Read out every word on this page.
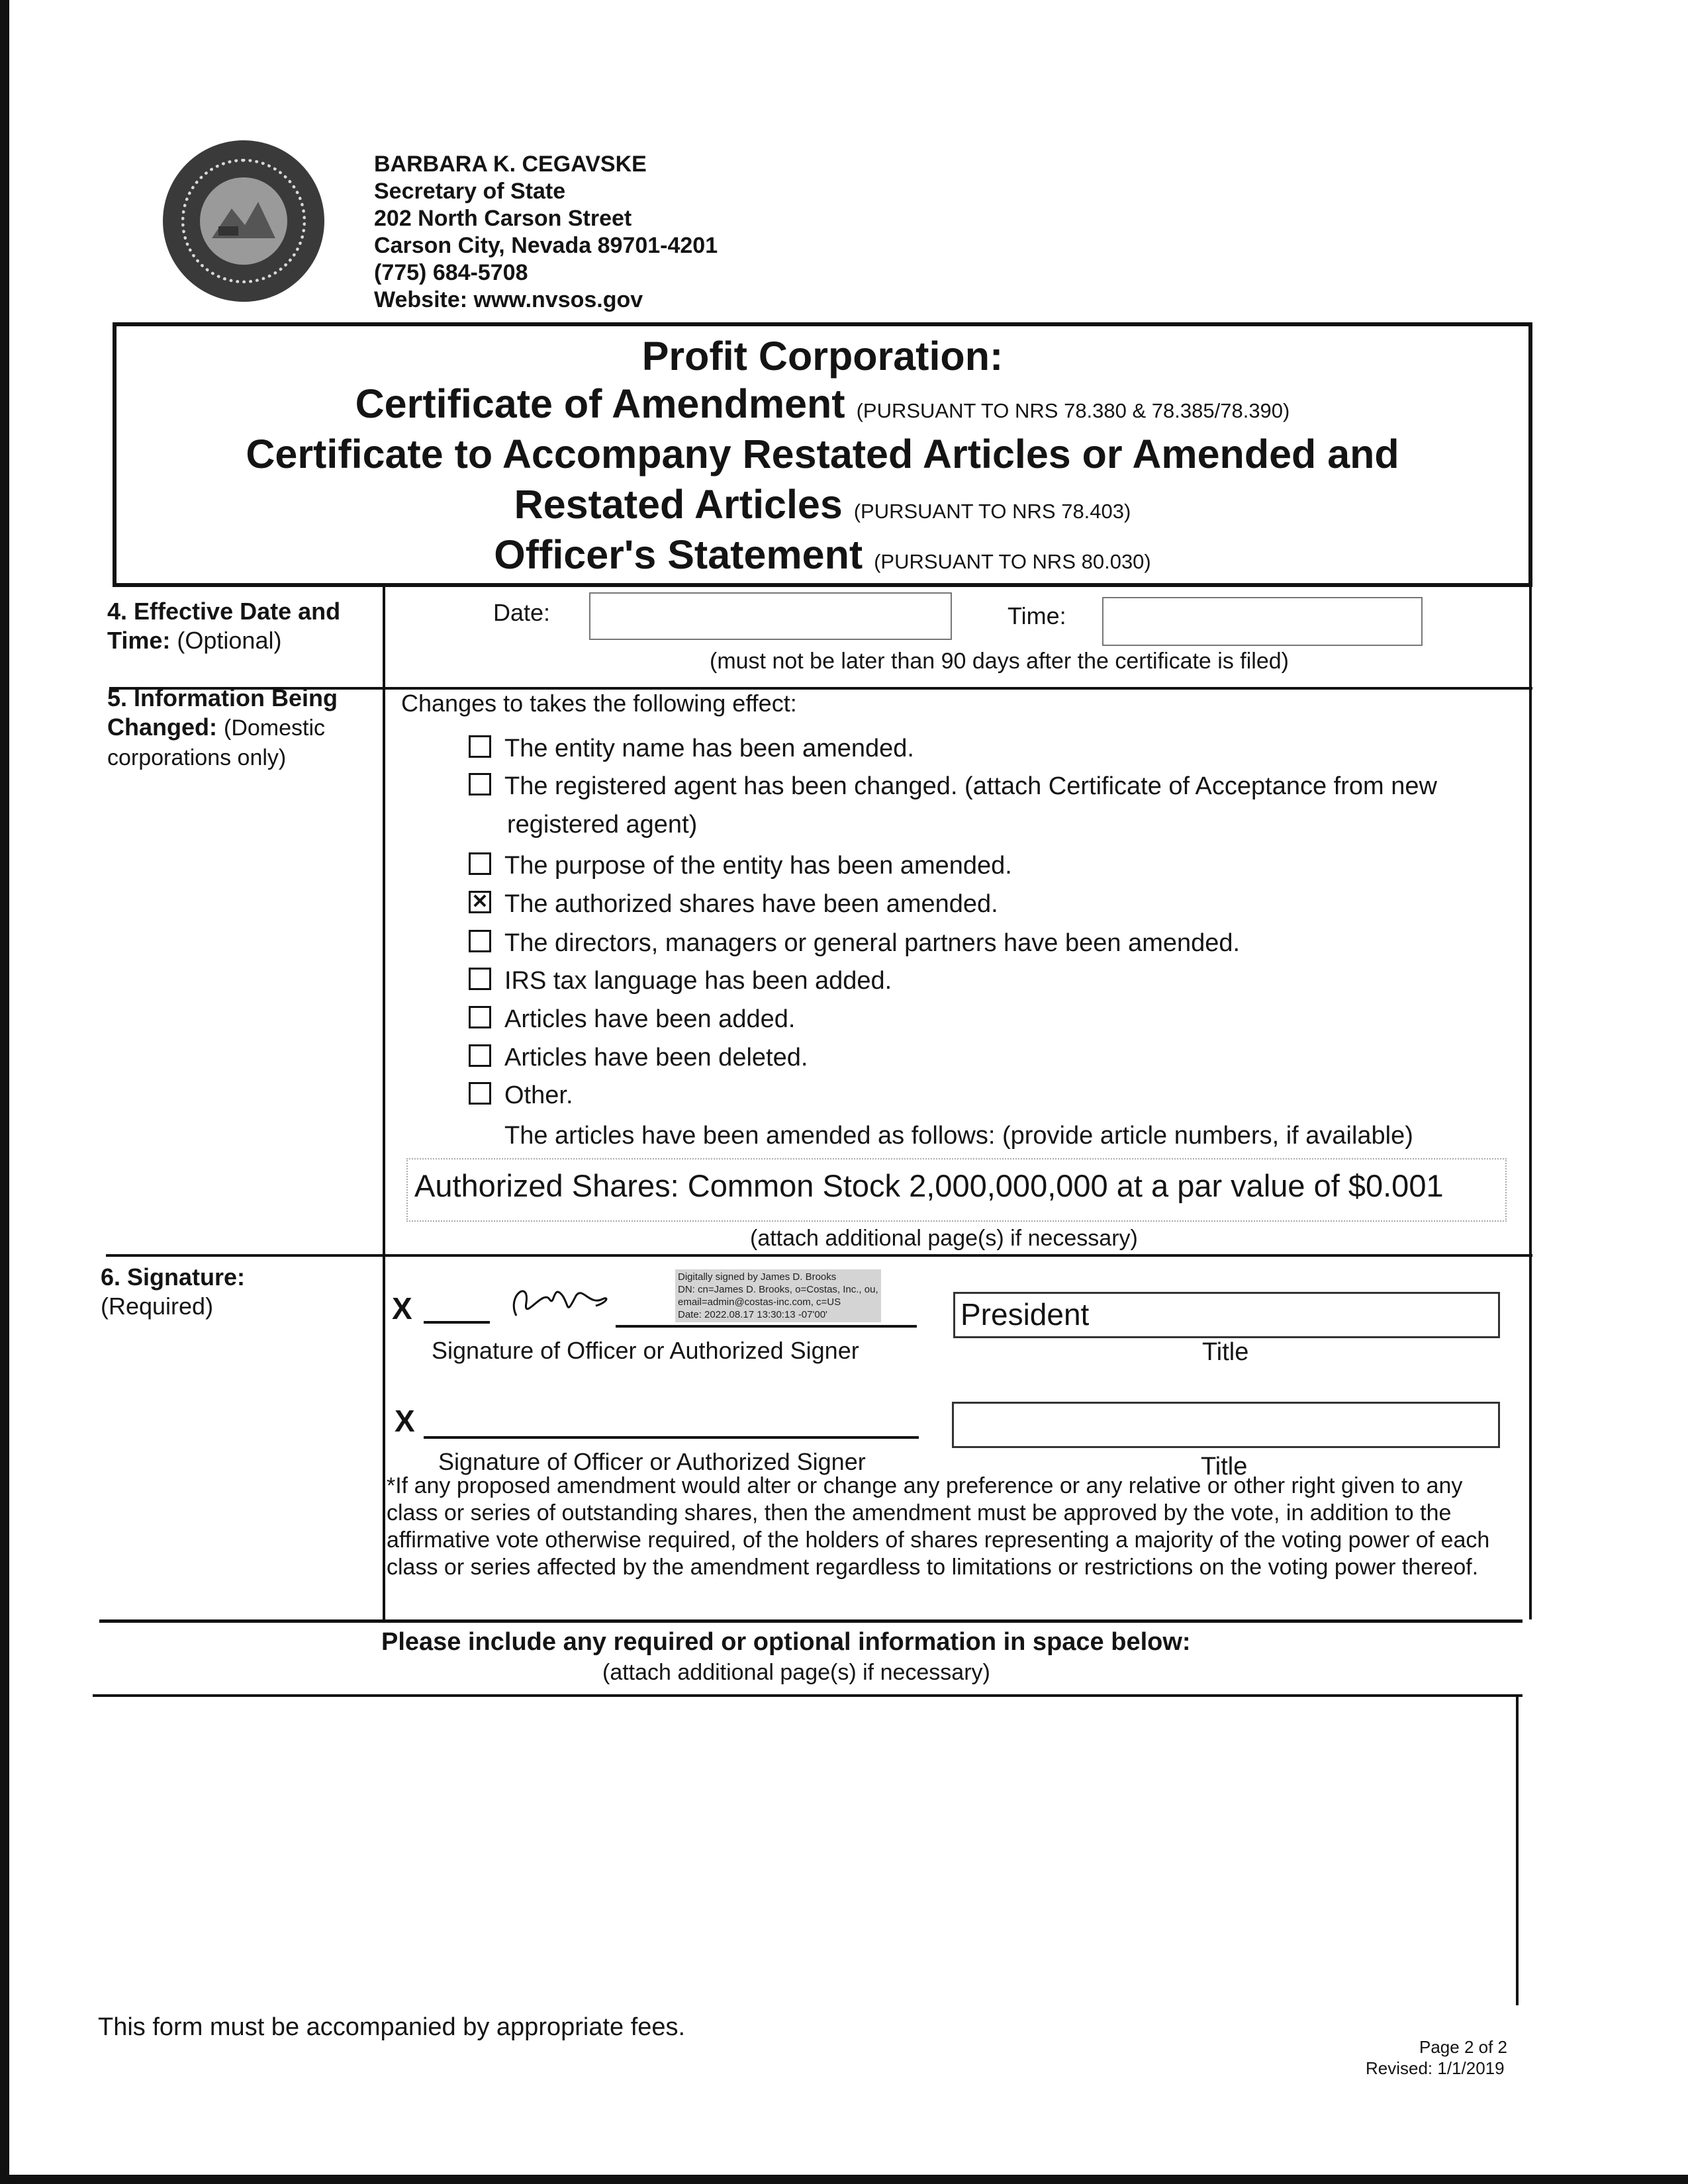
BARBARA K. CEGAVSKE
Secretary of State
202 North Carson Street
Carson City, Nevada 89701-4201
(775) 684-5708
Website: www.nvsos.gov
Profit Corporation:
Certificate of Amendment (PURSUANT TO NRS 78.380 & 78.385/78.390)
Certificate to Accompany Restated Articles or Amended and
Restated Articles (PURSUANT TO NRS 78.403)
Officer's Statement (PURSUANT TO NRS 80.030)
4. Effective Date and Time: (Optional)
Date:	Time:
(must not be later than 90 days after the certificate is filed)
5. Information Being Changed: (Domestic corporations only)
Changes to takes the following effect:
The entity name has been amended.
The registered agent has been changed. (attach Certificate of Acceptance from new
registered agent)
The purpose of the entity has been amended.
✕ The authorized shares have been amended.
The directors, managers or general partners have been amended.
IRS tax language has been added.
Articles have been added.
Articles have been deleted.
Other.
The articles have been amended as follows: (provide article numbers, if available)
Authorized Shares: Common Stock 2,000,000,000 at a par value of $0.001
(attach additional page(s) if necessary)
6. Signature:
(Required)	X
Digitally signed by James D. Brooks
DN: cn=James D. Brooks, o=Costas, Inc., ou,
email=admin@costas-inc.com, c=US
Date: 2022.08.17 13:30:13 -07'00'
Signature of Officer or Authorized Signer
President
Title
X
Signature of Officer or Authorized Signer	Title
*If any proposed amendment would alter or change any preference or any relative or other right given to any class or series of outstanding shares, then the amendment must be approved by the vote, in addition to the affirmative vote otherwise required, of the holders of shares representing a majority of the voting power of each class or series affected by the amendment regardless to limitations or restrictions on the voting power thereof.
Please include any required or optional information in space below:
(attach additional page(s) if necessary)
This form must be accompanied by appropriate fees.
Page 2 of 2
Revised: 1/1/2019
